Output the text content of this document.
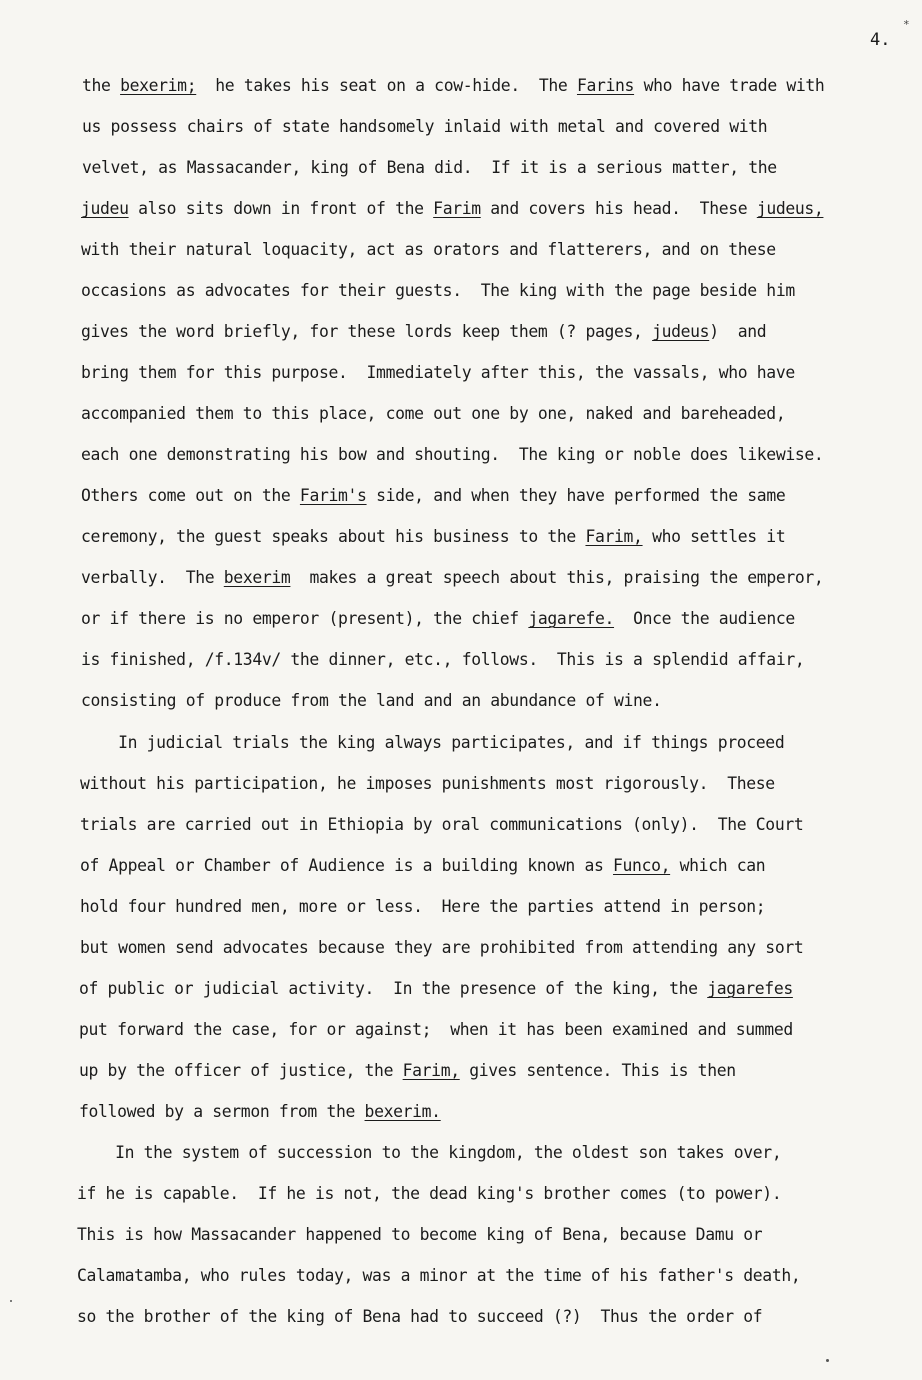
4.
*
the bexerim;  he takes his seat on a cow-hide.  The Farins who have trade with
us possess chairs of state handsomely inlaid with metal and covered with
velvet, as Massacander, king of Bena did.  If it is a serious matter, the
judeu also sits down in front of the Farim and covers his head.  These judeus,
with their natural loquacity, act as orators and flatterers, and on these
occasions as advocates for their guests.  The king with the page beside him
gives the word briefly, for these lords keep them (? pages, judeus)  and
bring them for this purpose.  Immediately after this, the vassals, who have
accompanied them to this place, come out one by one, naked and bareheaded,
each one demonstrating his bow and shouting.  The king or noble does likewise.
Others come out on the Farim's side, and when they have performed the same
ceremony, the guest speaks about his business to the Farim, who settles it
verbally.  The bexerim  makes a great speech about this, praising the emperor,
or if there is no emperor (present), the chief jagarefe.  Once the audience
is finished, /f.134v/ the dinner, etc., follows.  This is a splendid affair,
consisting of produce from the land and an abundance of wine.
In judicial trials the king always participates, and if things proceed
without his participation, he imposes punishments most rigorously.  These
trials are carried out in Ethiopia by oral communications (only).  The Court
of Appeal or Chamber of Audience is a building known as Funco, which can
hold four hundred men, more or less.  Here the parties attend in person;
but women send advocates because they are prohibited from attending any sort
of public or judicial activity.  In the presence of the king, the jagarefes
put forward the case, for or against;  when it has been examined and summed
up by the officer of justice, the Farim, gives sentence. This is then
followed by a sermon from the bexerim.
In the system of succession to the kingdom, the oldest son takes over,
if he is capable.  If he is not, the dead king's brother comes (to power).
This is how Massacander happened to become king of Bena, because Damu or
Calamatamba, who rules today, was a minor at the time of his father's death,
so the brother of the king of Bena had to succeed (?)  Thus the order of
